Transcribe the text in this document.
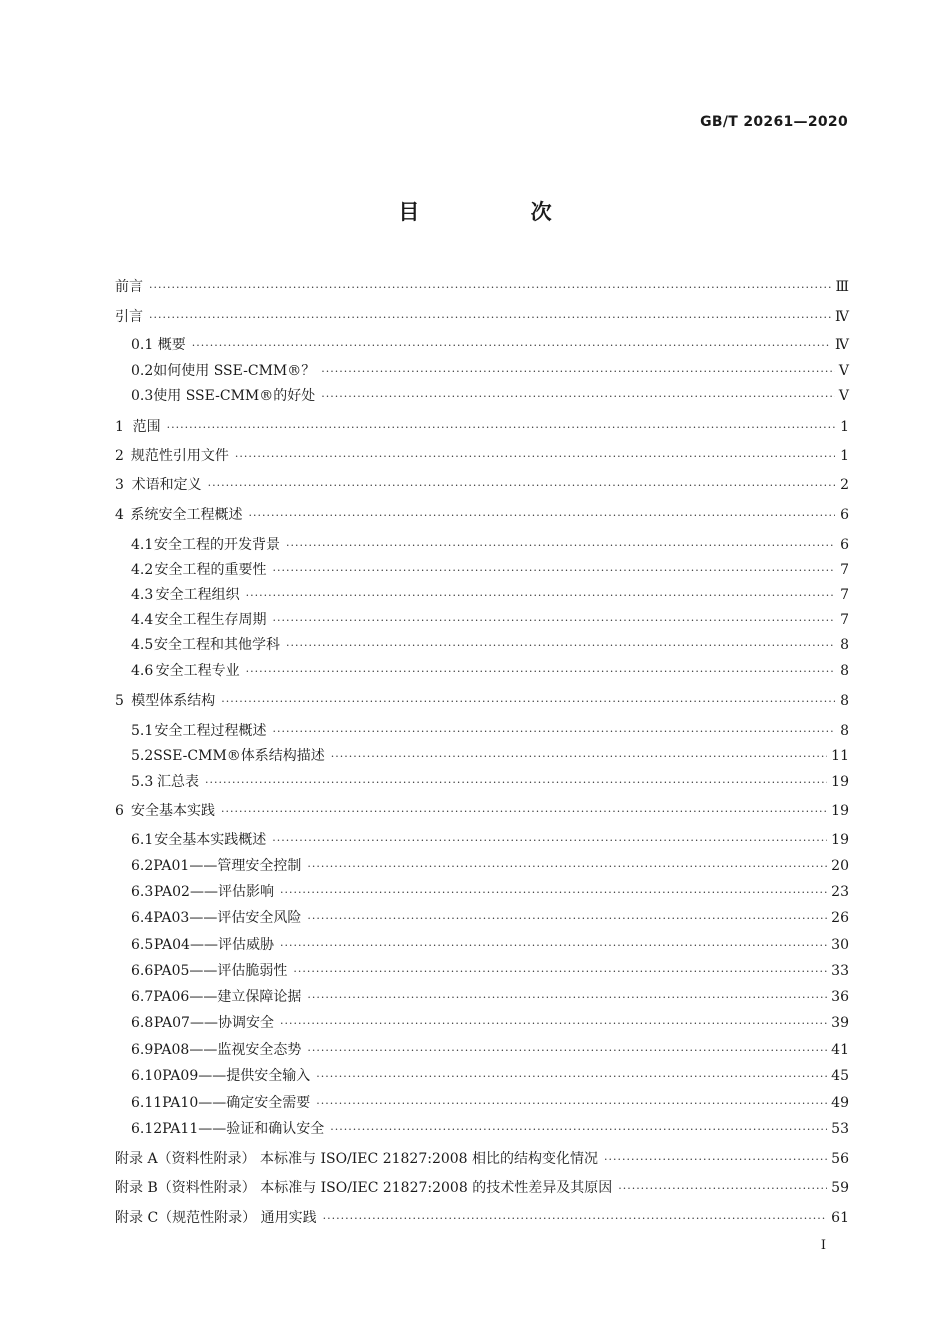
GB/T 20261—2020
目 次
前言 ·····	Ⅲ
引言 ·····	Ⅳ
0.1 概要 ·····	Ⅳ
0.2 如何使用 SSE-CMM®？ ·····	Ⅴ
0.3 使用 SSE-CMM®的好处 ·····	Ⅴ
1 范围 ·····	1
2 规范性引用文件 ·····	1
3 术语和定义 ·····	2
4 系统安全工程概述 ·····	6
4.1 安全工程的开发背景 ·····	6
4.2 安全工程的重要性 ·····	7
4.3 安全工程组织 ·····	7
4.4 安全工程生存周期 ·····	7
4.5 安全工程和其他学科 ·····	8
4.6 安全工程专业 ·····	8
5 模型体系结构 ·····	8
5.1 安全工程过程概述 ·····	8
5.2 SSE-CMM®体系结构描述 ·····	11
5.3 汇总表 ·····	19
6 安全基本实践 ·····	19
6.1 安全基本实践概述 ·····	19
6.2 PA01——管理安全控制 ·····	20
6.3 PA02——评估影响 ·····	23
6.4 PA03——评估安全风险 ·····	26
6.5 PA04——评估威胁 ·····	30
6.6 PA05——评估脆弱性 ·····	33
6.7 PA06——建立保障论据 ·····	36
6.8 PA07——协调安全 ·····	39
6.9 PA08——监视安全态势 ·····	41
6.10 PA09——提供安全输入 ·····	45
6.11 PA10——确定安全需要 ·····	49
6.12 PA11——验证和确认安全 ·····	53
附录 A（资料性附录） 本标准与 ISO/IEC 21827:2008 相比的结构变化情况 ·····	56
附录 B（资料性附录） 本标准与 ISO/IEC 21827:2008 的技术性差异及其原因 ·····	59
附录 C（规范性附录） 通用实践 ·····	61
I
